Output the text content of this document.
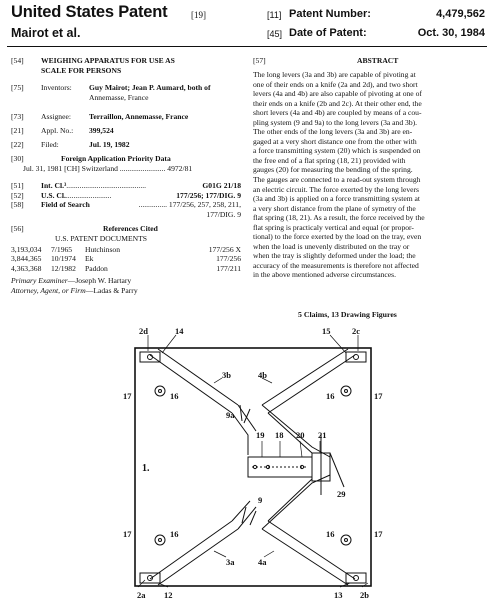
United States Patent	[19]
Mairot et al.
[11] Patent Number:	4,479,562
[45] Date of Patent:	Oct. 30, 1984
[54] WEIGHING APPARATUS FOR USE AS
SCALE FOR PERSONS
[75] Inventors: Guy Mairot; Jean P. Aumard, both of
Annemasse, France
[73] Assignee: Terraillon, Annemasse, France
[21] Appl. No.: 399,524
[22] Filed:	Jul. 19, 1982
[30]	Foreign Application Priority Data
Jul. 31, 1981 [CH] Switzerland ........................ 4972/81
[51] Int. Cl.³..........................................	G01G 21/18
[52] U.S. Cl.........................	177/256; 177/DIG. 9
[58] Field of Search	............... 177/256, 257, 258, 211,
177/DIG. 9
[56]	References Cited
U.S. PATENT DOCUMENTS
3,193,034 7/1965 Hutchinson	177/256 X
3,844,365 10/1974 Ek	177/256
4,363,368 12/1982 Paddon	177/211
Primary Examiner—Joseph W. Hartary
Attorney, Agent, or Firm—Ladas & Parry
[57]	ABSTRACT
The long levers (3a and 3b) are capable of pivoting at
one of their ends on a knife (2a and 2d), and two short
levers (4a and 4b) are also capable of pivoting at one of
their ends on a knife (2b and 2c). At their other end, the
short levers (4a and 4b) are coupled by means of a cou-
pling system (9 and 9a) to the long levers (3a and 3b).
The other ends of the long levers (3a and 3b) are en-
gaged at a very short distance one from the other with
a force transmitting system (20) which is suspended on
the free end of a flat spring (18, 21) provided with
gauges (20) for measuring the bending of the spring.
The gauges are connected to a read-out system through
an electric circuit. The force exerted by the long levers
(3a and 3b) is applied on a force transmitting system at
a very short distance from the plane of symetry of the
flat spring (18, 21). As a result, the force received by the
flat spring is practicaly vertical and equal (or propor-
tional) to the force exerted by the load on the tray, even
when the load is unevenly distributed on the tray or
when the tray is slightly deformed under the load; the
accuracy of the measurements is therefore not affected
in the above mentioned adverse circumstances.
5 Claims, 13 Drawing Figures
2d	14	15	2c
17	16	16	17
3b	4b
9a
19 18 20 21
1.
29
9
17	16	16	17
3a	4a
2a 12	13 2b
